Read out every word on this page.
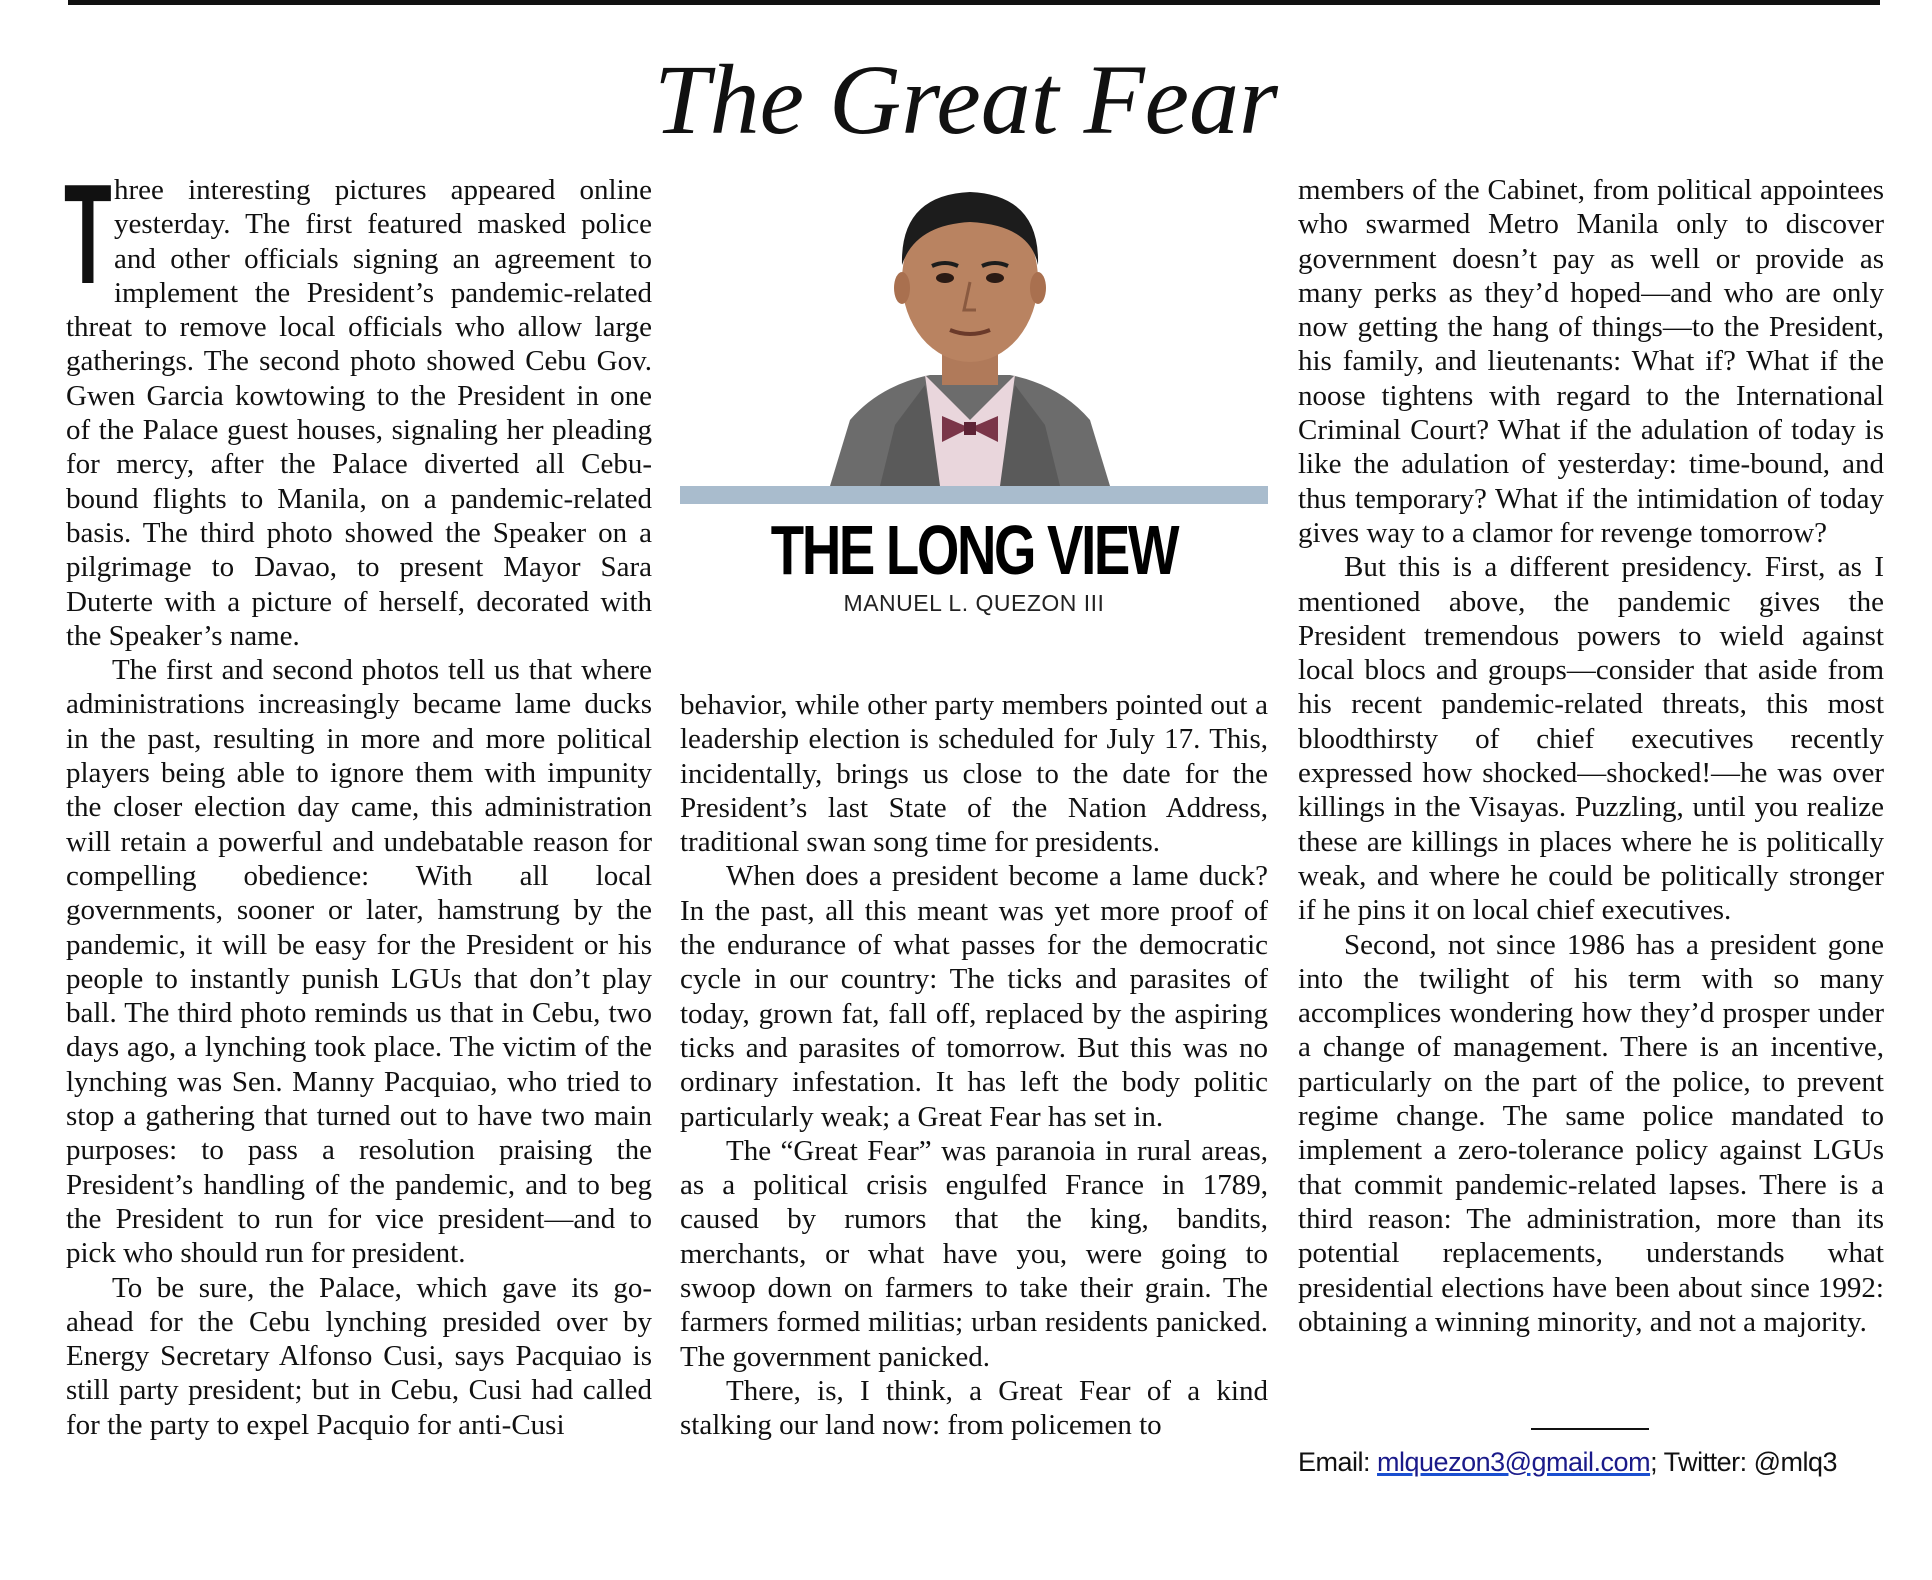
The Great Fear

Three interesting pictures appeared online yesterday. The first featured masked police and other officials signing an agreement to implement the President’s pandemic-related threat to remove local officials who allow large gatherings. The second photo showed Cebu Gov. Gwen Garcia kowtowing to the President in one of the Palace guest houses, signaling her pleading for mercy, after the Palace diverted all Cebu-bound flights to Manila, on a pandemic-related basis. The third photo showed the Speaker on a pilgrimage to Davao, to present Mayor Sara Duterte with a picture of herself, decorated with the Speaker’s name.

The first and second photos tell us that where administrations increasingly became lame ducks in the past, resulting in more and more political players being able to ignore them with impunity the closer election day came, this administration will retain a powerful and undebatable reason for compelling obedience: With all local governments, sooner or later, hamstrung by the pandemic, it will be easy for the President or his people to instantly punish LGUs that don’t play ball. The third photo reminds us that in Cebu, two days ago, a lynching took place. The victim of the lynching was Sen. Manny Pacquiao, who tried to stop a gathering that turned out to have two main purposes: to pass a resolution praising the President’s handling of the pandemic, and to beg the President to run for vice president—and to pick who should run for president.

To be sure, the Palace, which gave its go-ahead for the Cebu lynching presided over by Energy Secretary Alfonso Cusi, says Pacquiao is still party president; but in Cebu, Cusi had called for the party to expel Pacquio for anti-Cusi

THE LONG VIEW
MANUEL L. QUEZON III

behavior, while other party members pointed out a leadership election is scheduled for July 17. This, incidentally, brings us close to the date for the President’s last State of the Nation Address, traditional swan song time for presidents.

When does a president become a lame duck? In the past, all this meant was yet more proof of the endurance of what passes for the democratic cycle in our country: The ticks and parasites of today, grown fat, fall off, replaced by the aspiring ticks and parasites of tomorrow. But this was no ordinary infestation. It has left the body politic particularly weak; a Great Fear has set in.

The “Great Fear” was paranoia in rural areas, as a political crisis engulfed France in 1789, caused by rumors that the king, bandits, merchants, or what have you, were going to swoop down on farmers to take their grain. The farmers formed militias; urban residents panicked. The government panicked.

There, is, I think, a Great Fear of a kind stalking our land now: from policemen to

members of the Cabinet, from political appointees who swarmed Metro Manila only to discover government doesn’t pay as well or provide as many perks as they’d hoped—and who are only now getting the hang of things—to the President, his family, and lieutenants: What if? What if the noose tightens with regard to the International Criminal Court? What if the adulation of today is like the adulation of yesterday: time-bound, and thus temporary? What if the intimidation of today gives way to a clamor for revenge tomorrow?

But this is a different presidency. First, as I mentioned above, the pandemic gives the President tremendous powers to wield against local blocs and groups—consider that aside from his recent pandemic-related threats, this most bloodthirsty of chief executives recently expressed how shocked—shocked!—he was over killings in the Visayas. Puzzling, until you realize these are killings in places where he is politically weak, and where he could be politically stronger if he pins it on local chief executives.

Second, not since 1986 has a president gone into the twilight of his term with so many accomplices wondering how they’d prosper under a change of management. There is an incentive, particularly on the part of the police, to prevent regime change. The same police mandated to implement a zero-tolerance policy against LGUs that commit pandemic-related lapses. There is a third reason: The administration, more than its potential replacements, understands what presidential elections have been about since 1992: obtaining a winning minority, and not a majority.

Email: mlquezon3@gmail.com; Twitter: @mlq3
